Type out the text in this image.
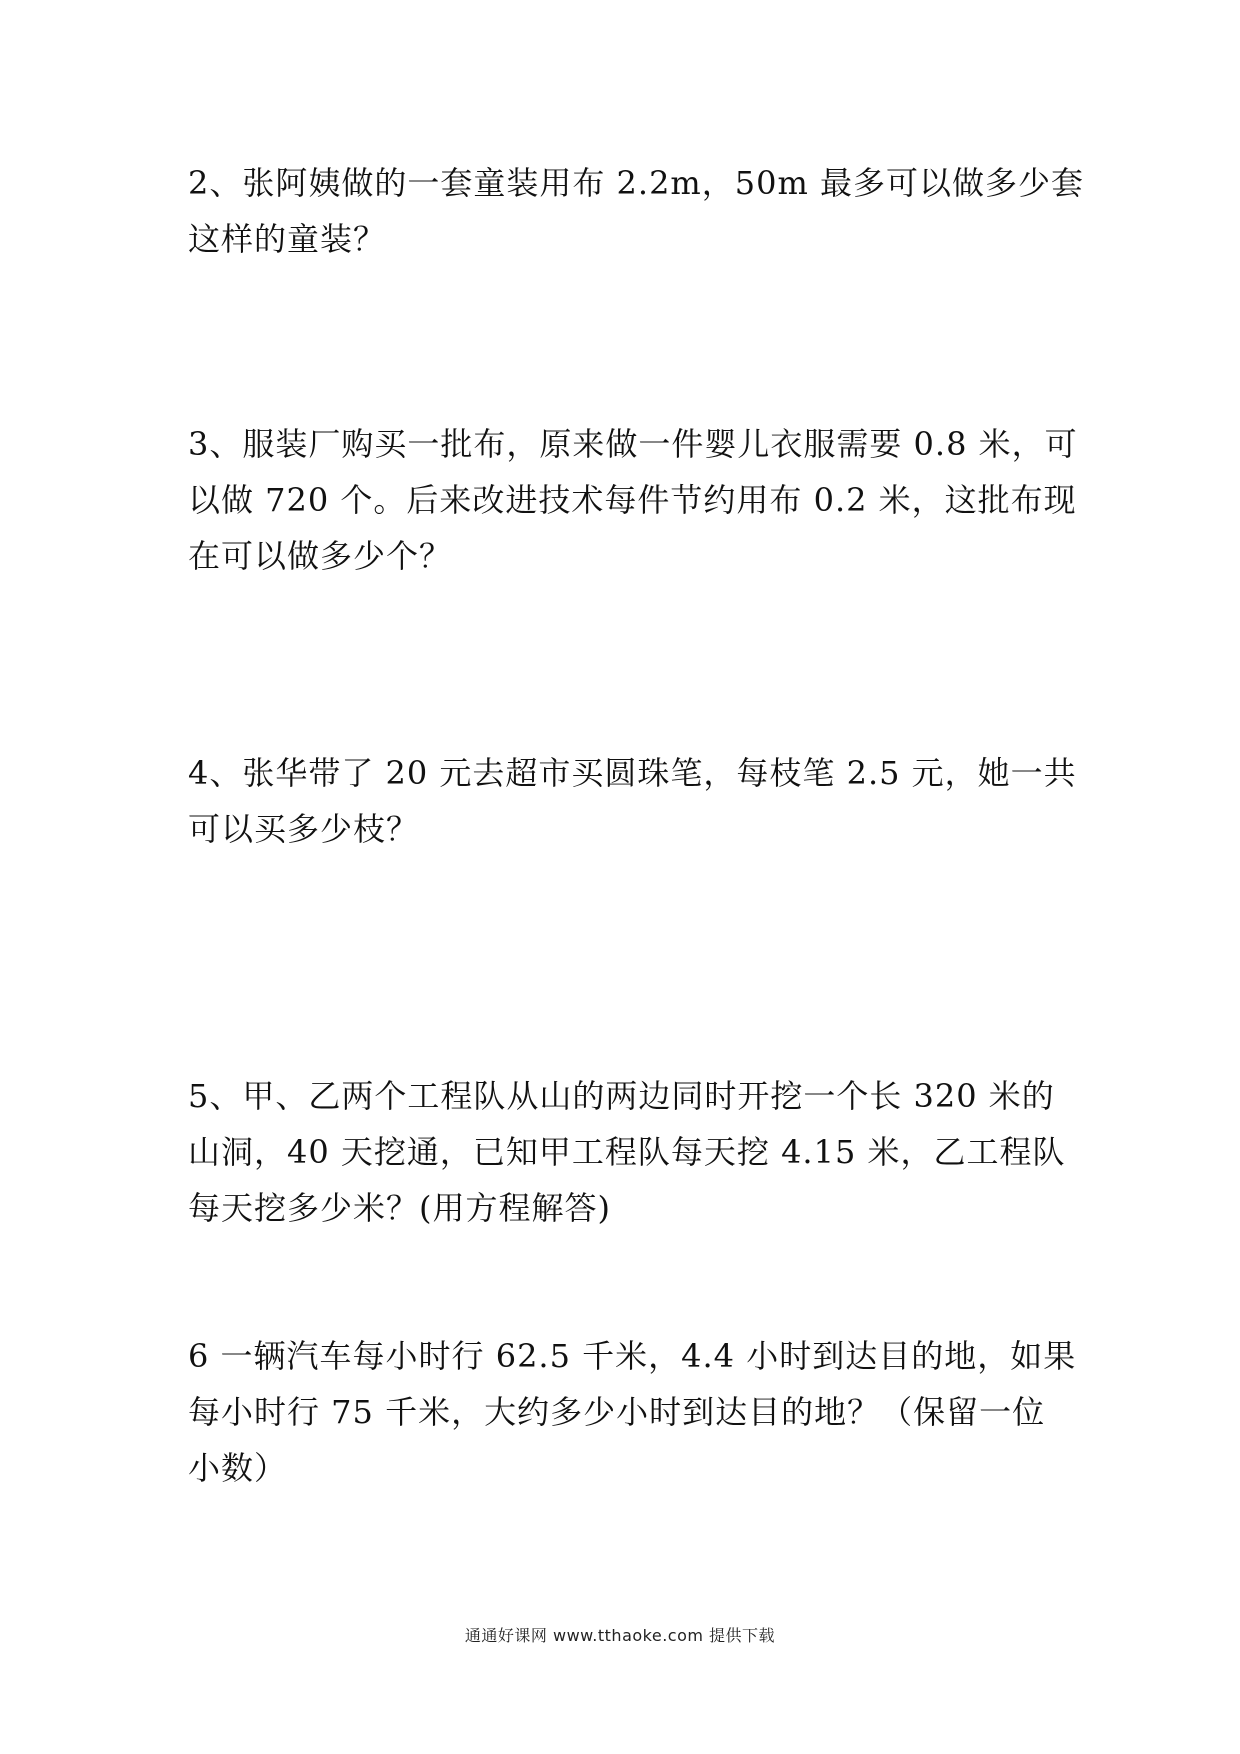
2、张阿姨做的一套童装用布 2.2m，50m 最多可以做多少套
这样的童装？
3、服装厂购买一批布，原来做一件婴儿衣服需要 0.8 米，可
以做 720 个。后来改进技术每件节约用布 0.2 米，这批布现
在可以做多少个？
4、张华带了 20 元去超市买圆珠笔，每枝笔 2.5 元，她一共
可以买多少枝？
5、甲、乙两个工程队从山的两边同时开挖一个长 320 米的
山洞，40 天挖通，已知甲工程队每天挖 4.15 米，乙工程队
每天挖多少米？(用方程解答)
6 一辆汽车每小时行 62.5 千米，4.4 小时到达目的地，如果
每小时行 75 千米，大约多少小时到达目的地？（保留一位
小数）
通通好课网 www.tthaoke.com 提供下载
